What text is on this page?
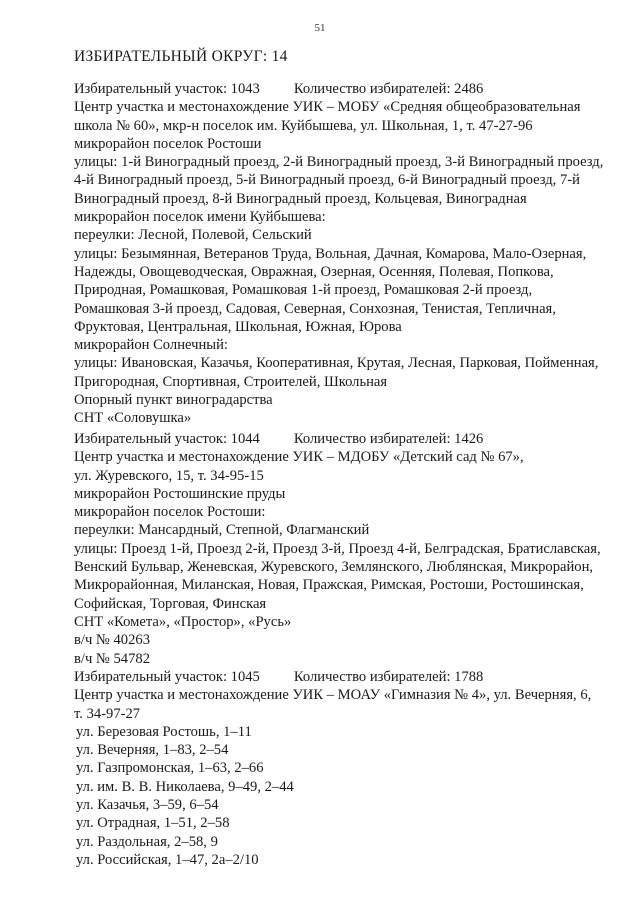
51
ИЗБИРАТЕЛЬНЫЙ ОКРУГ: 14
Избирательный участок: 1043 Количество избирателей: 2486
Центр участка и местонахождение УИК – МОБУ «Средняя общеобразовательная
школа № 60», мкр-н поселок им. Куйбышева, ул. Школьная, 1, т. 47-27-96
микрорайон поселок Ростоши
улицы: 1-й Виноградный проезд, 2-й Виноградный проезд, 3-й Виноградный проезд,
4-й Виноградный проезд, 5-й Виноградный проезд, 6-й Виноградный проезд, 7-й
Виноградный проезд, 8-й Виноградный проезд, Кольцевая, Виноградная
микрорайон поселок имени Куйбышева:
переулки: Лесной, Полевой, Сельский
улицы: Безымянная, Ветеранов Труда, Вольная, Дачная, Комарова, Мало-Озерная,
Надежды, Овощеводческая, Овражная, Озерная, Осенняя, Полевая, Попкова,
Природная, Ромашковая, Ромашковая 1-й проезд, Ромашковая 2-й проезд,
Ромашковая 3-й проезд, Садовая, Северная, Сонхозная, Тенистая, Тепличная,
Фруктовая, Центральная, Школьная, Южная, Юрова
микрорайон Солнечный:
улицы: Ивановская, Казачья, Кооперативная, Крутая, Лесная, Парковая, Пойменная,
Пригородная, Спортивная, Строителей, Школьная
Опорный пункт виноградарства
СНТ «Соловушка»
Избирательный участок: 1044 Количество избирателей: 1426
Центр участка и местонахождение УИК – МДОБУ «Детский сад № 67»,
ул. Журевского, 15, т. 34-95-15
микрорайон Ростошинские пруды
микрорайон поселок Ростоши:
переулки: Мансардный, Степной, Флагманский
улицы: Проезд 1-й, Проезд 2-й, Проезд 3-й, Проезд 4-й, Белградская, Братиславская,
Венский Бульвар, Женевская, Журевского, Землянского, Люблянская, Микрорайон,
Микрорайонная, Миланская, Новая, Пражская, Римская, Ростоши, Ростошинская,
Софийская, Торговая, Финская
СНТ «Комета», «Простор», «Русь»
в/ч № 40263
в/ч № 54782
Избирательный участок: 1045 Количество избирателей: 1788
Центр участка и местонахождение УИК – МОАУ «Гимназия № 4», ул. Вечерняя, 6,
т. 34-97-27
ул. Березовая Ростошь, 1–11
ул. Вечерняя, 1–83, 2–54
ул. Газпромонская, 1–63, 2–66
ул. им. В. В. Николаева, 9–49, 2–44
ул. Казачья, 3–59, 6–54
ул. Отрадная, 1–51, 2–58
ул. Раздольная, 2–58, 9
ул. Российская, 1–47, 2а–2/10
